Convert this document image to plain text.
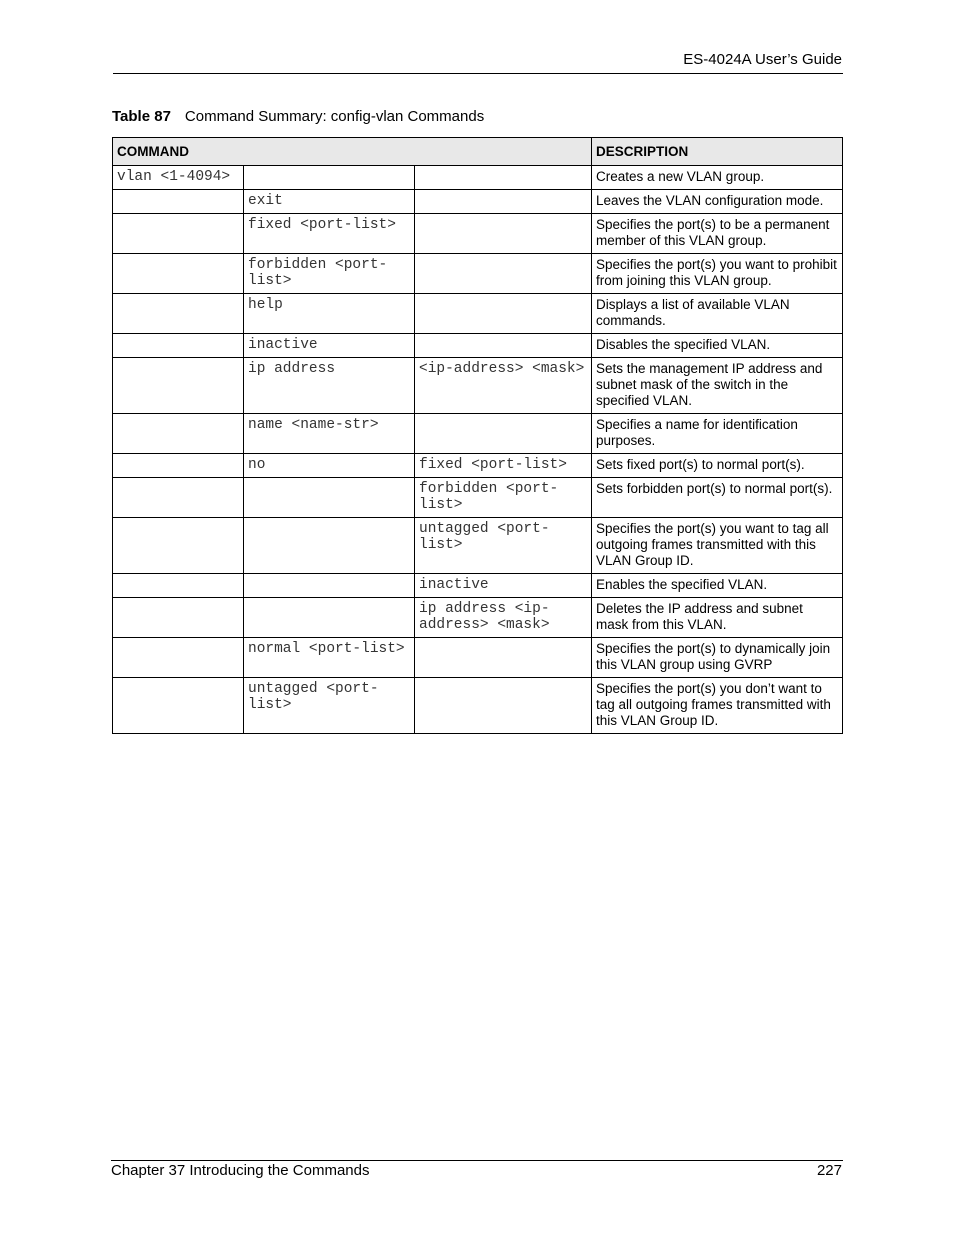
ES-4024A User’s Guide
Table 87 Command Summary: config-vlan Commands
COMMAND			DESCRIPTION
vlan <1-4094>			Creates a new VLAN group.
	exit		Leaves the VLAN configuration mode.
	fixed <port-list>		Specifies the port(s) to be a permanent member of this VLAN group.
	forbidden <port-list>		Specifies the port(s) you want to prohibit from joining this VLAN group.
	help		Displays a list of available VLAN commands.
	inactive		Disables the specified VLAN.
	ip address	<ip-address> <mask>	Sets the management IP address and subnet mask of the switch in the specified VLAN.
	name <name-str>		Specifies a name for identification purposes.
	no	fixed <port-list>	Sets fixed port(s) to normal port(s).
		forbidden <port-list>	Sets forbidden port(s) to normal port(s).
		untagged <port-list>	Specifies the port(s) you want to tag all outgoing frames transmitted with this VLAN Group ID.
		inactive	Enables the specified VLAN.
		ip address <ip-address> <mask>	Deletes the IP address and subnet mask from this VLAN.
	normal <port-list>		Specifies the port(s) to dynamically join this VLAN group using GVRP
	untagged <port-list>		Specifies the port(s) you don’t want to tag all outgoing frames transmitted with this VLAN Group ID.
Chapter 37 Introducing the Commands	227
